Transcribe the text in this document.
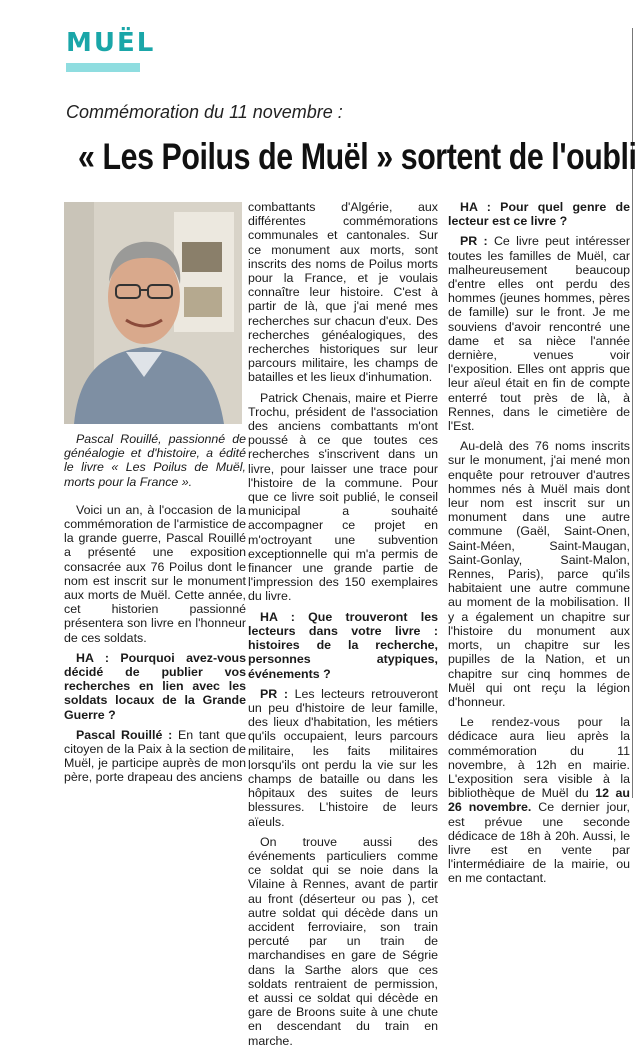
MUËL
Commémoration du 11 novembre :
« Les Poilus de Muël » sortent de l'oubli

Pascal Rouillé, passionné de généalogie et d'histoire, a édité le livre « Les Poilus de Muël, morts pour la France ».

Voici un an, à l'occasion de la commémoration de l'armistice de la grande guerre, Pascal Rouillé a présenté une exposition consacrée aux 76 Poilus dont le nom est inscrit sur le monument aux morts de Muël. Cette année, cet historien passionné présentera son livre en l'honneur de ces soldats.

HA : Pourquoi avez-vous décidé de publier vos recherches en lien avec les soldats locaux de la Grande Guerre ?

Pascal Rouillé : En tant que citoyen de la Paix à la section de Muël, je participe auprès de mon père, porte drapeau des anciens

combattants d'Algérie, aux différentes commémorations communales et cantonales. Sur ce monument aux morts, sont inscrits des noms de Poilus morts pour la France, et je voulais connaître leur histoire. C'est à partir de là, que j'ai mené mes recherches sur chacun d'eux. Des recherches généalogiques, des recherches historiques sur leur parcours militaire, les champs de batailles et les lieux d'inhumation.

Patrick Chenais, maire et Pierre Trochu, président de l'association des anciens combattants m'ont poussé à ce que toutes ces recherches s'inscrivent dans un livre, pour laisser une trace pour l'histoire de la commune. Pour que ce livre soit publié, le conseil municipal a souhaité accompagner ce projet en m'octroyant une subvention exceptionnelle qui m'a permis de financer une grande partie de l'impression des 150 exemplaires du livre.

HA : Que trouveront les lecteurs dans votre livre : histoires de la recherche, personnes atypiques, événements ?

PR : Les lecteurs retrouveront un peu d'histoire de leur famille, des lieux d'habitation, les métiers qu'ils occupaient, leurs parcours militaire, les faits militaires lorsqu'ils ont perdu la vie sur les champs de bataille ou dans les hôpitaux des suites de leurs blessures. L'histoire de leurs aïeuls.

On trouve aussi des événements particuliers comme ce soldat qui se noie dans la Vilaine à Rennes, avant de partir au front (déserteur ou pas ), cet autre soldat qui décède dans un accident ferroviaire, son train percuté par un train de marchandises en gare de Ségrie dans la Sarthe alors que ces soldats rentraient de permission, et aussi ce soldat qui décède en gare de Broons suite à une chute en descendant du train en marche.

HA : Pour quel genre de lecteur est ce livre ?

PR : Ce livre peut intéresser toutes les familles de Muël, car malheureusement beaucoup d'entre elles ont perdu des hommes (jeunes hommes, pères de famille) sur le front. Je me souviens d'avoir rencontré une dame et sa nièce l'année dernière, venues voir l'exposition. Elles ont appris que leur aïeul était en fin de compte enterré tout près de là, à Rennes, dans le cimetière de l'Est.

Au-delà des 76 noms inscrits sur le monument, j'ai mené mon enquête pour retrouver d'autres hommes nés à Muël mais dont leur nom est inscrit sur un monument dans une autre commune (Gaël, Saint-Onen, Saint-Méen, Saint-Maugan, Saint-Gonlay, Saint-Malon, Rennes, Paris), parce qu'ils habitaient une autre commune au moment de la mobilisation. Il y a également un chapitre sur l'histoire du monument aux morts, un chapitre sur les pupilles de la Nation, et un chapitre sur cinq hommes de Muël qui ont reçu la légion d'honneur.

Le rendez-vous pour la dédicace aura lieu après la commémoration du 11 novembre, à 12h en mairie. L'exposition sera visible à la bibliothèque de Muël du 12 au 26 novembre. Ce dernier jour, est prévue une seconde dédicace de 18h à 20h. Aussi, le livre est en vente par l'intermédiaire de la mairie, ou en me contactant.
